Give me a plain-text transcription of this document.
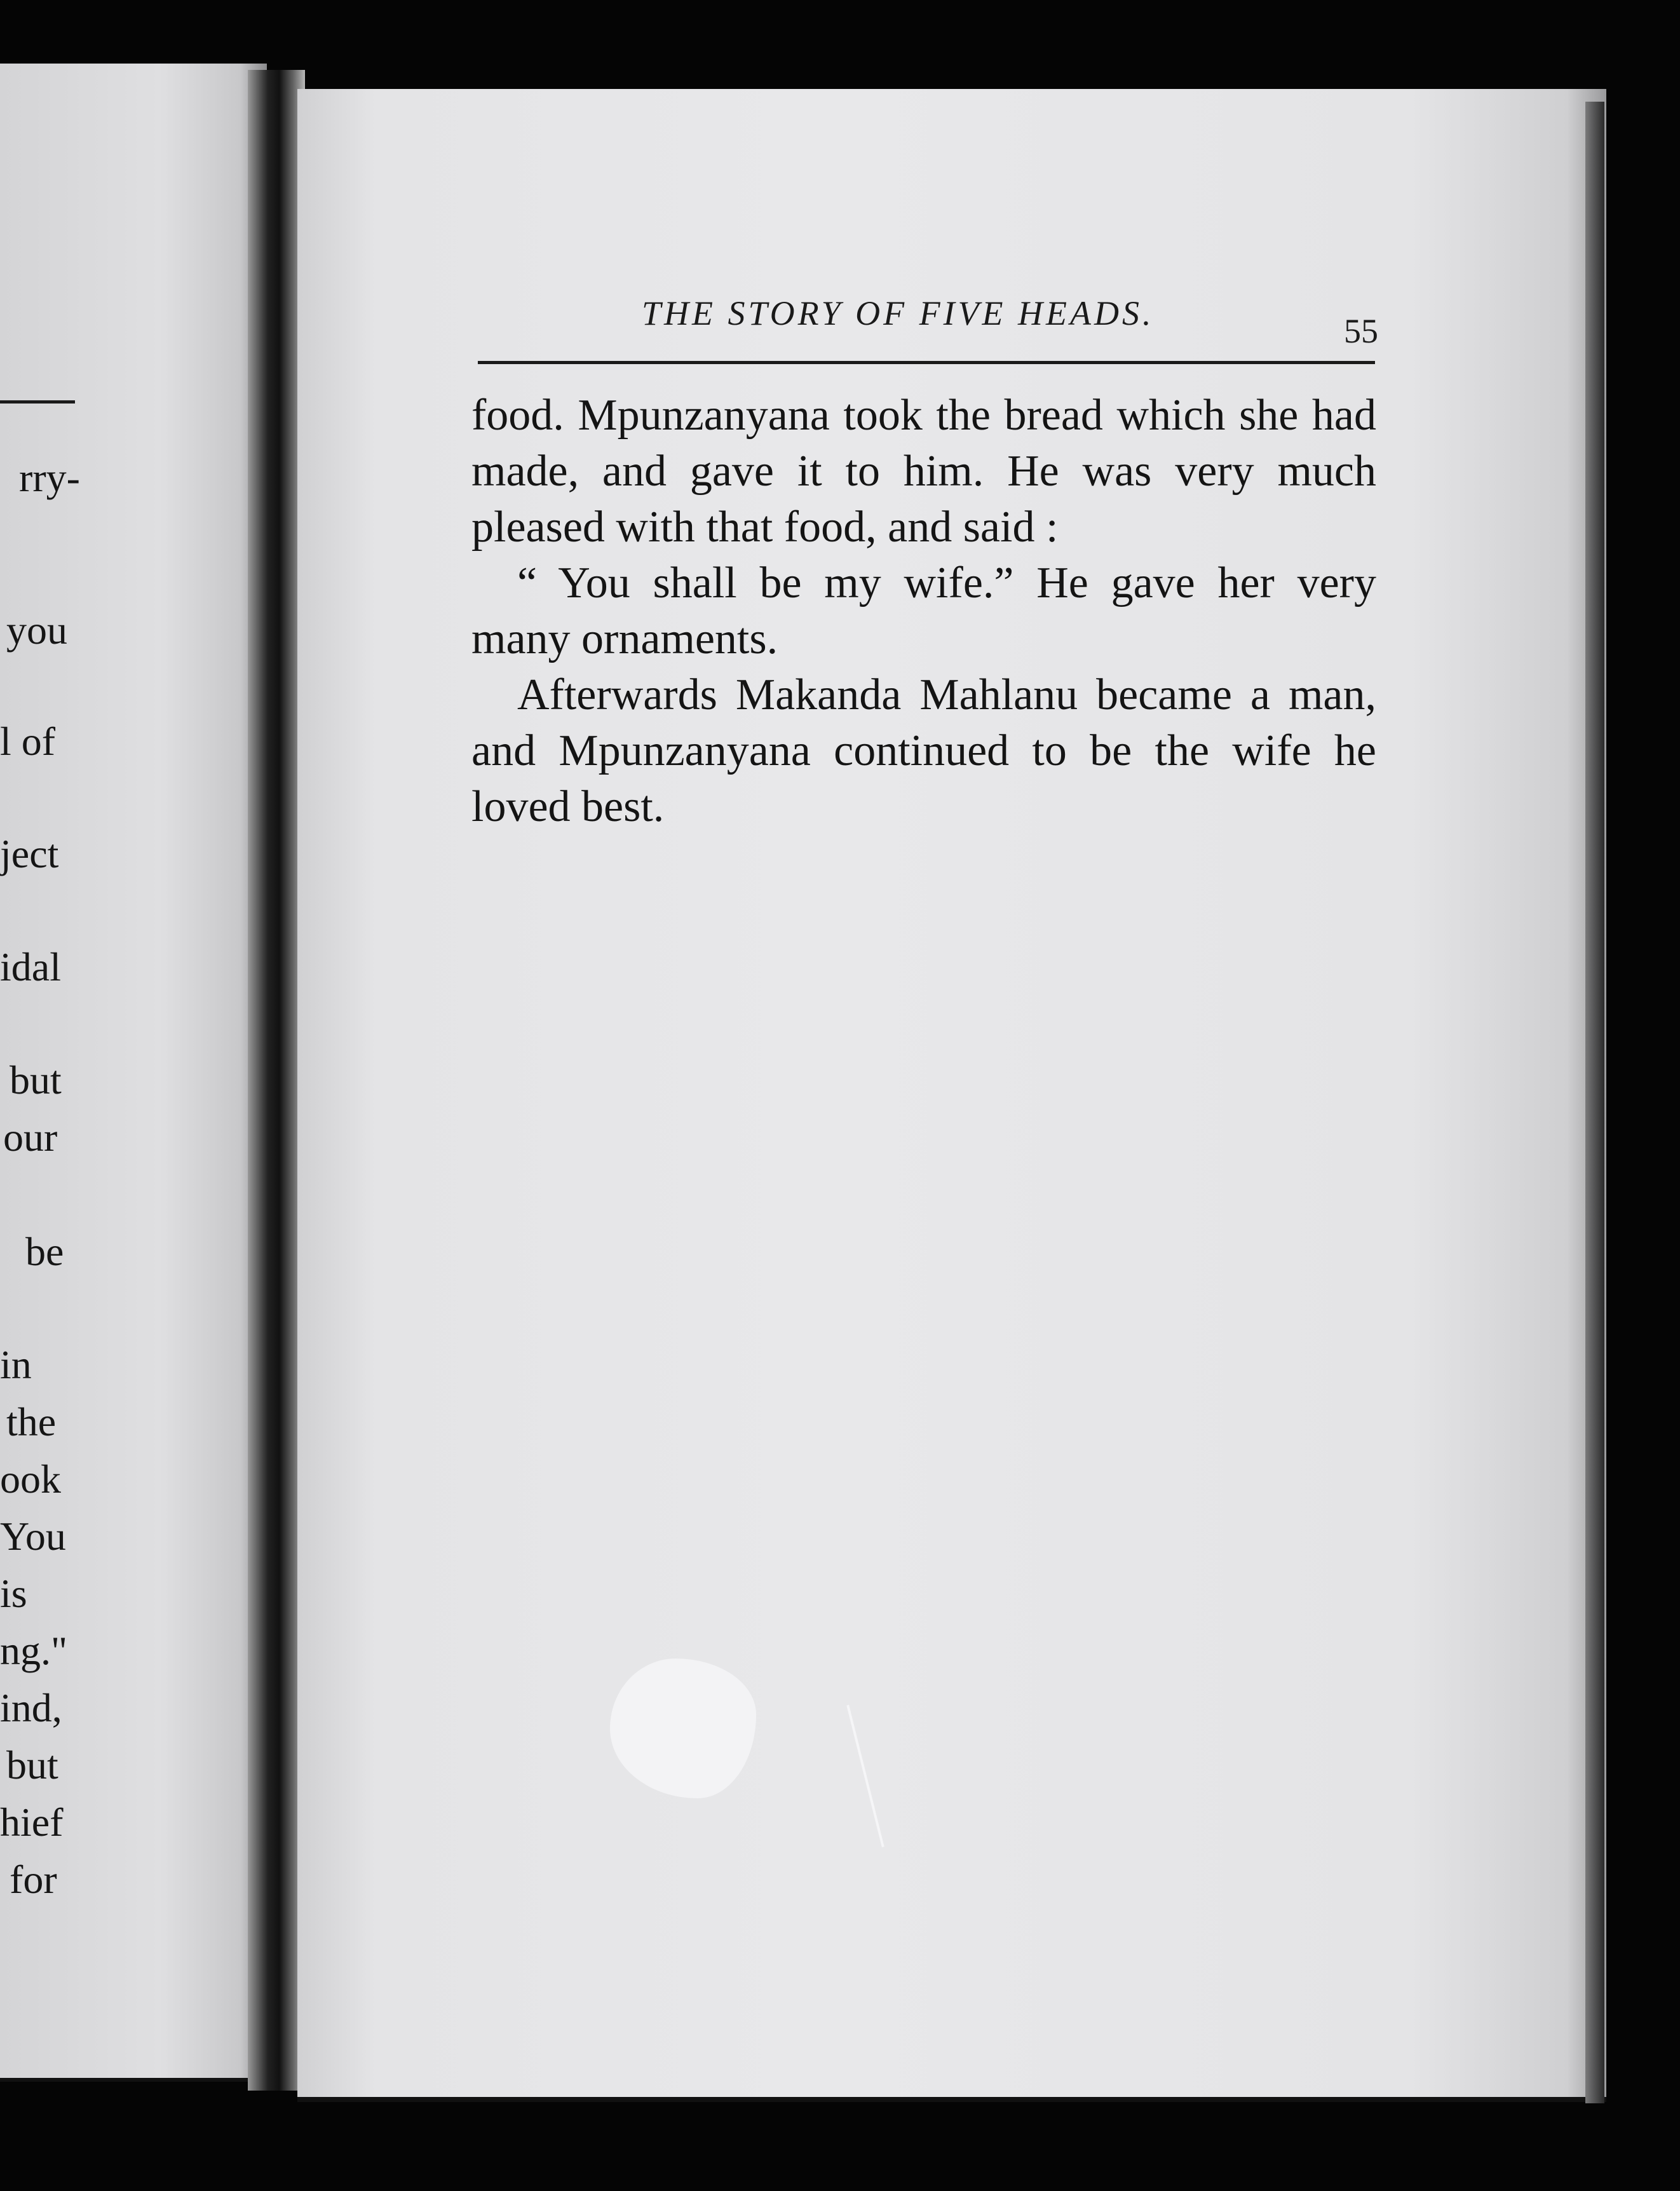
rry-
you
l of
ject
idal
but
our
be
in
the
ook
You
is
ng."
ind,
but
hief
for
THE STORY OF FIVE HEADS.	55

food. Mpunzanyana took the bread which she had made, and gave it to him. He was very much pleased with that food, and said :

“ You shall be my wife.” He gave her very many ornaments.

Afterwards Makanda Mahlanu became a man, and Mpunzanyana continued to be the wife he loved best.
